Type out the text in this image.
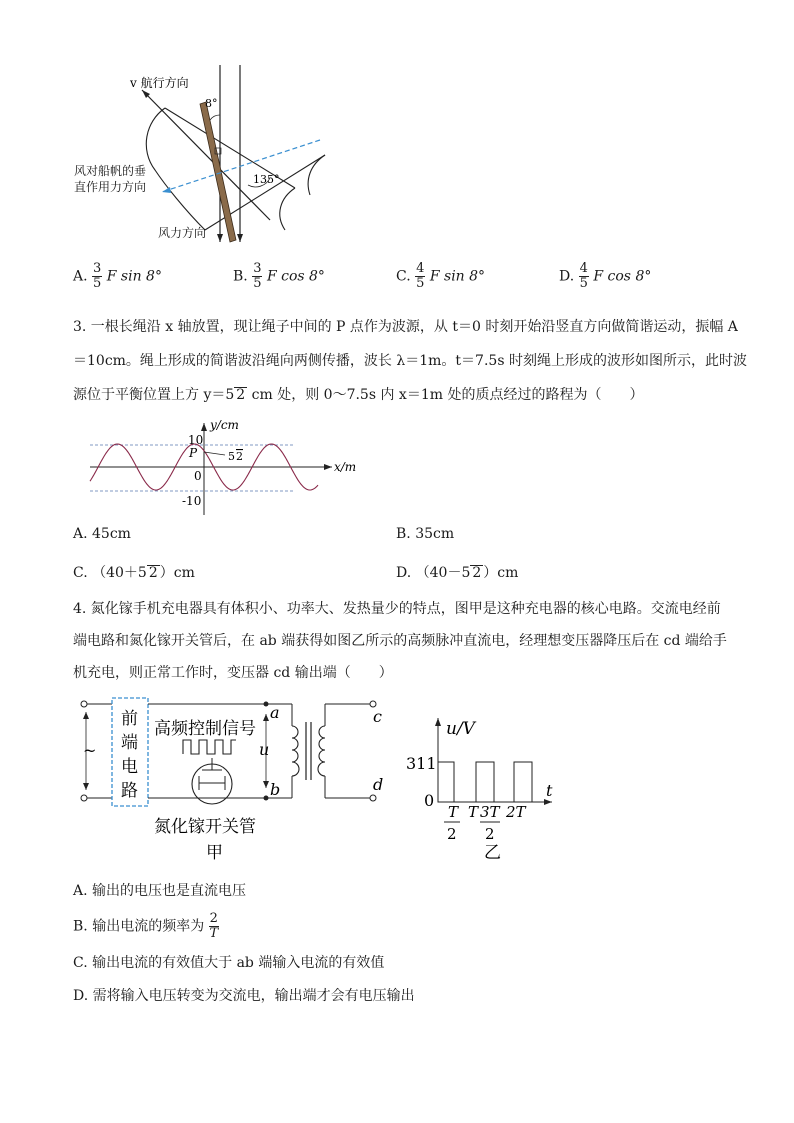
v 航行方向
8°
135°
风对船帆的垂
直作用力方向
风力方向
A. $\frac{3}{5}$ F sin 8°	B. $\frac{3}{5}$ F cos 8°	C. $\frac{4}{5}$ F sin 8°	D. $\frac{4}{5}$ F cos 8°
3. 一根长绳沿 x 轴放置，现让绳子中间的 P 点作为波源，从 t＝0 时刻开始沿竖直方向做简谐运动，振幅 A
＝10cm。绳上形成的简谐波沿绳向两侧传播，波长 λ＝1m。t＝7.5s 时刻绳上形成的波形如图所示，此时波
源位于平衡位置上方 y＝5 2 cm 处，则 0～7.5s 内 x＝1m 处的质点经过的路程为（　　）
P	5 2
10
0
-10
y/cm
x/m
A. 45cm	B. 35cm
C. （40＋5 2 ）cm	D. （40－5 2 ）cm
4. 氮化镓手机充电器具有体积小、功率大、发热量少的特点，图甲是这种充电器的核心电路。交流电经前
端电路和氮化镓开关管后，在 ab 端获得如图乙所示的高频脉冲直流电，经理想变压器降压后在 cd 端给手
机充电，则正常工作时，变压器 cd 输出端（　　）
~
前
端
电
路
高频控制信号
a
b
c
d
u
氮化镓开关管
甲
u/V
311
0
t
T
2
T 3T
2
2T
乙
A. 输出的电压也是直流电压
B. 输出电流的频率为 $\frac{2}{T}$
C. 输出电流的有效值大于 ab 端输入电流的有效值
D. 需将输入电压转变为交流电，输出端才会有电压输出
